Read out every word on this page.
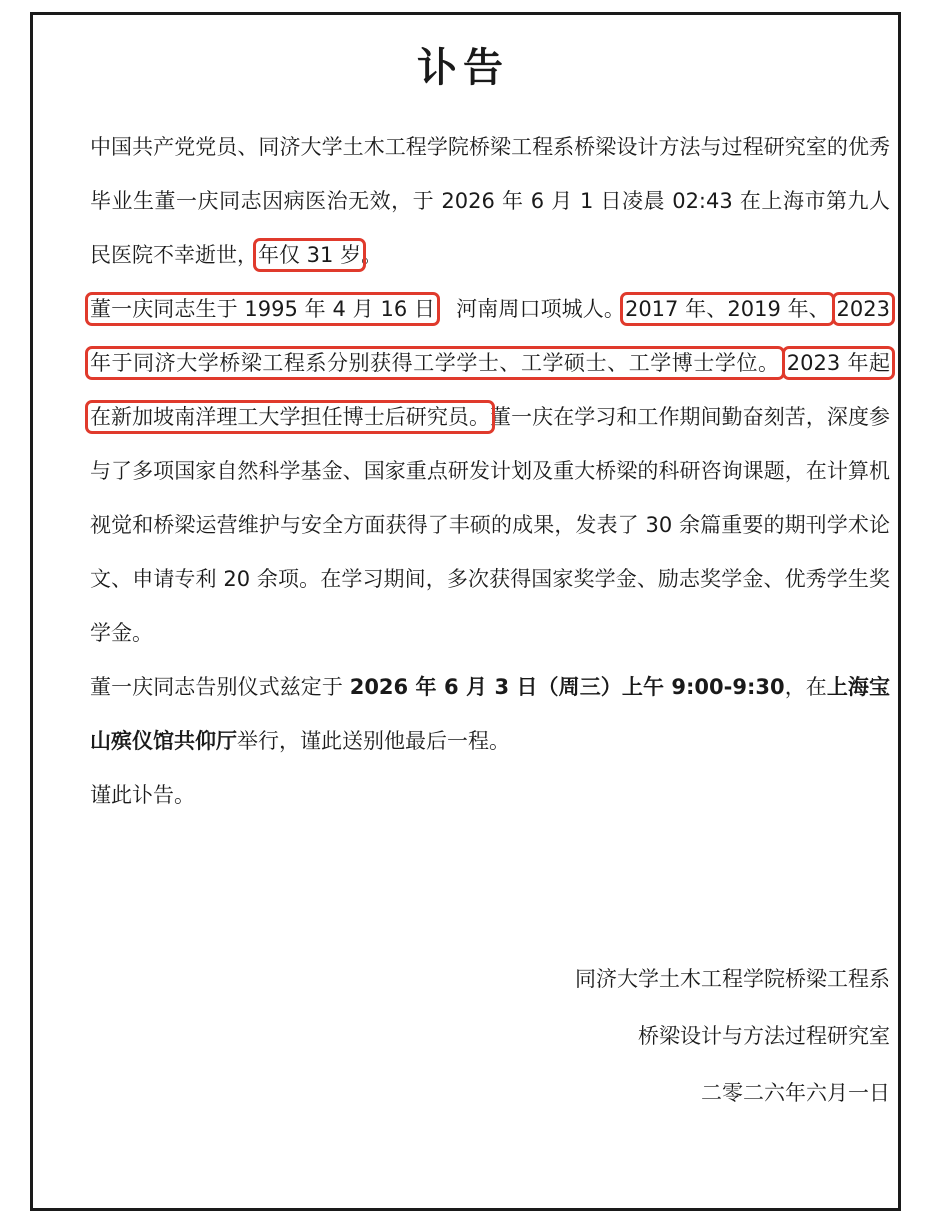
讣告

中国共产党党员、同济大学土木工程学院桥梁工程系桥梁设计方法与过程研究室的优秀毕业生董一庆同志因病医治无效，于 2026 年 6 月 1 日凌晨 02:43 在上海市第九人民医院不幸逝世，年仅 31 岁。

董一庆同志生于 1995 年 4 月 16 日，河南周口项城人。2017 年、2019 年、 2023 年于同济大学桥梁工程系分别获得工学学士、工学硕士、工学博士学位。 2023 年起在新加坡南洋理工大学担任博士后研究员。董一庆在学习和工作期间勤奋刻苦，深度参与了多项国家自然科学基金、国家重点研发计划及重大桥梁的科研咨询课题，在计算机视觉和桥梁运营维护与安全方面获得了丰硕的成果，发表了 30 余篇重要的期刊学术论文、申请专利 20 余项。在学习期间，多次获得国家奖学金、励志奖学金、优秀学生奖学金。

董一庆同志告别仪式兹定于 2026 年 6 月 3 日（周三）上午 9:00-9:30，在上海宝山殡仪馆共仰厅举行，谨此送别他最后一程。

谨此讣告。

同济大学土木工程学院桥梁工程系
桥梁设计与方法过程研究室
二零二六年六月一日
